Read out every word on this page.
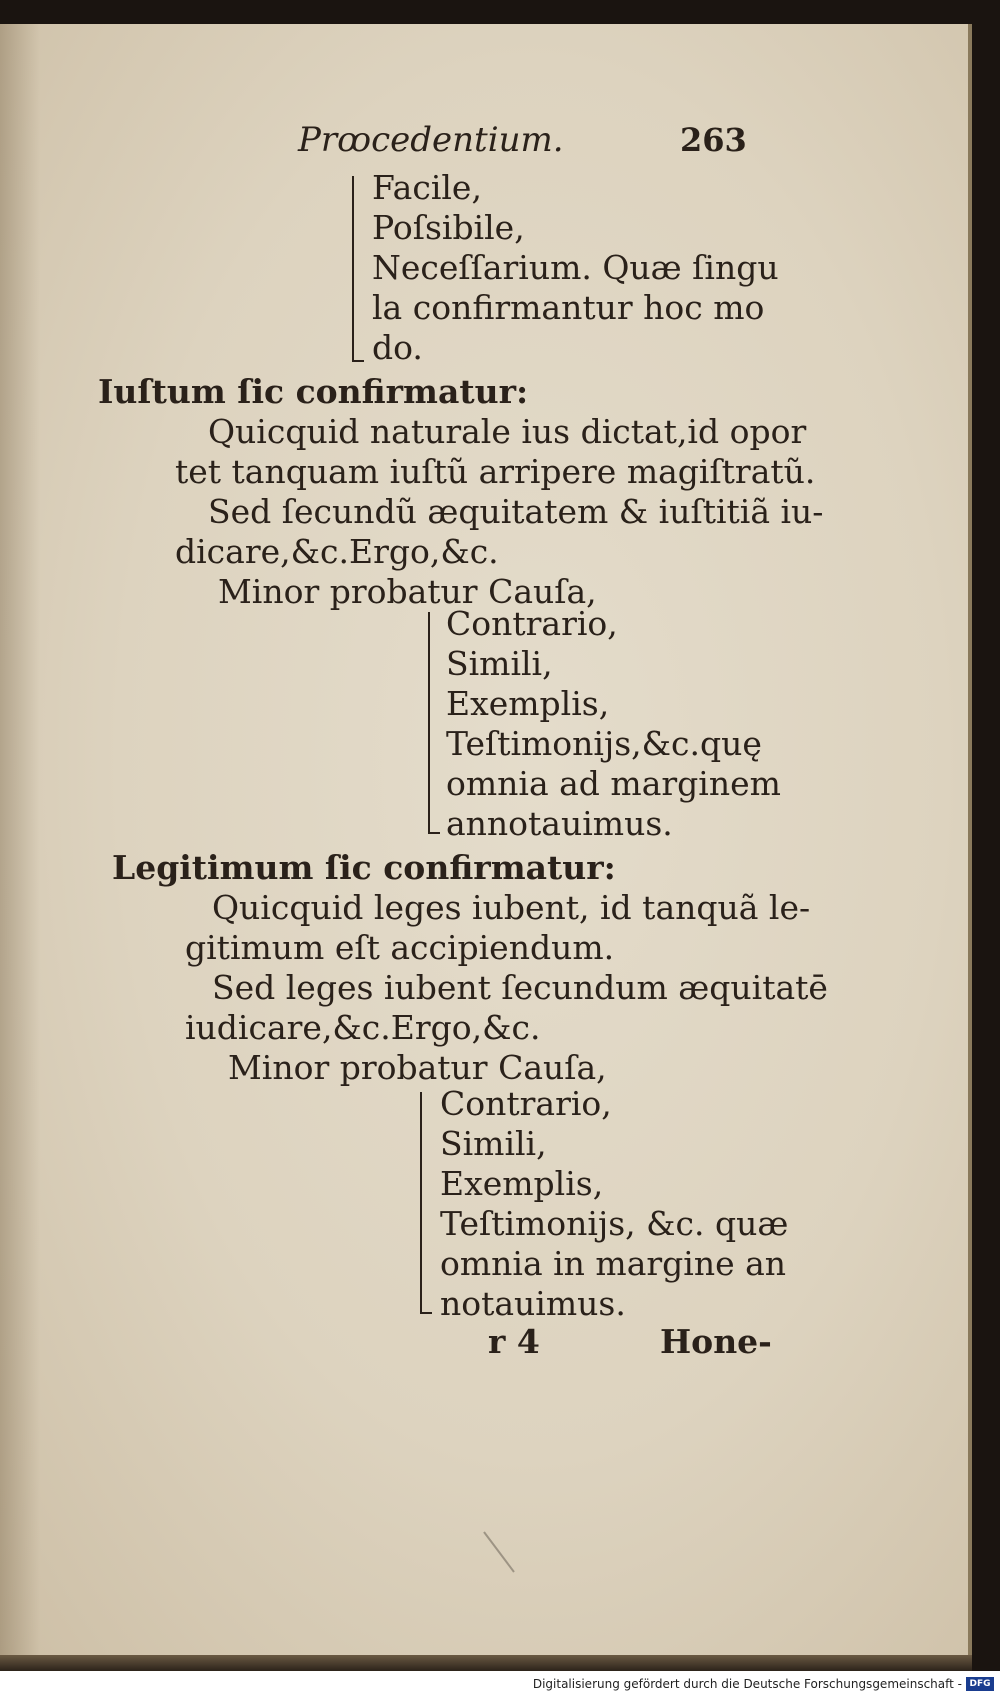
Prꝏcedentium.	263
Facile,
Poſsibile,
Neceſſarium. Quæ ſingu
la confirmantur hoc mo
do.
Iuſtum ſic confirmatur:
Quicquid naturale ius dictat,id opor
tet tanquam iuſtũ arripere magiſtratũ.
Sed ſecundũ æquitatem & iuſtitiã iu-
dicare,&c.Ergo,&c.
Minor probatur Cauſa,
Contrario,
Simili,
Exemplis,
Teſtimonijs,&c.quę
omnia ad marginem
annotauimus.
Legitimum ſic confirmatur:
Quicquid leges iubent, id tanquã le-
gitimum eſt accipiendum.
Sed leges iubent ſecundum æquitatē
iudicare,&c.Ergo,&c.
Minor probatur Cauſa,
Contrario,
Simili,
Exemplis,
Teſtimonijs, &c. quæ
omnia in margine an
notauimus.
r 4	Hone-
Digitalisierung gefördert durch die Deutsche Forschungsgemeinschaft - DFG
